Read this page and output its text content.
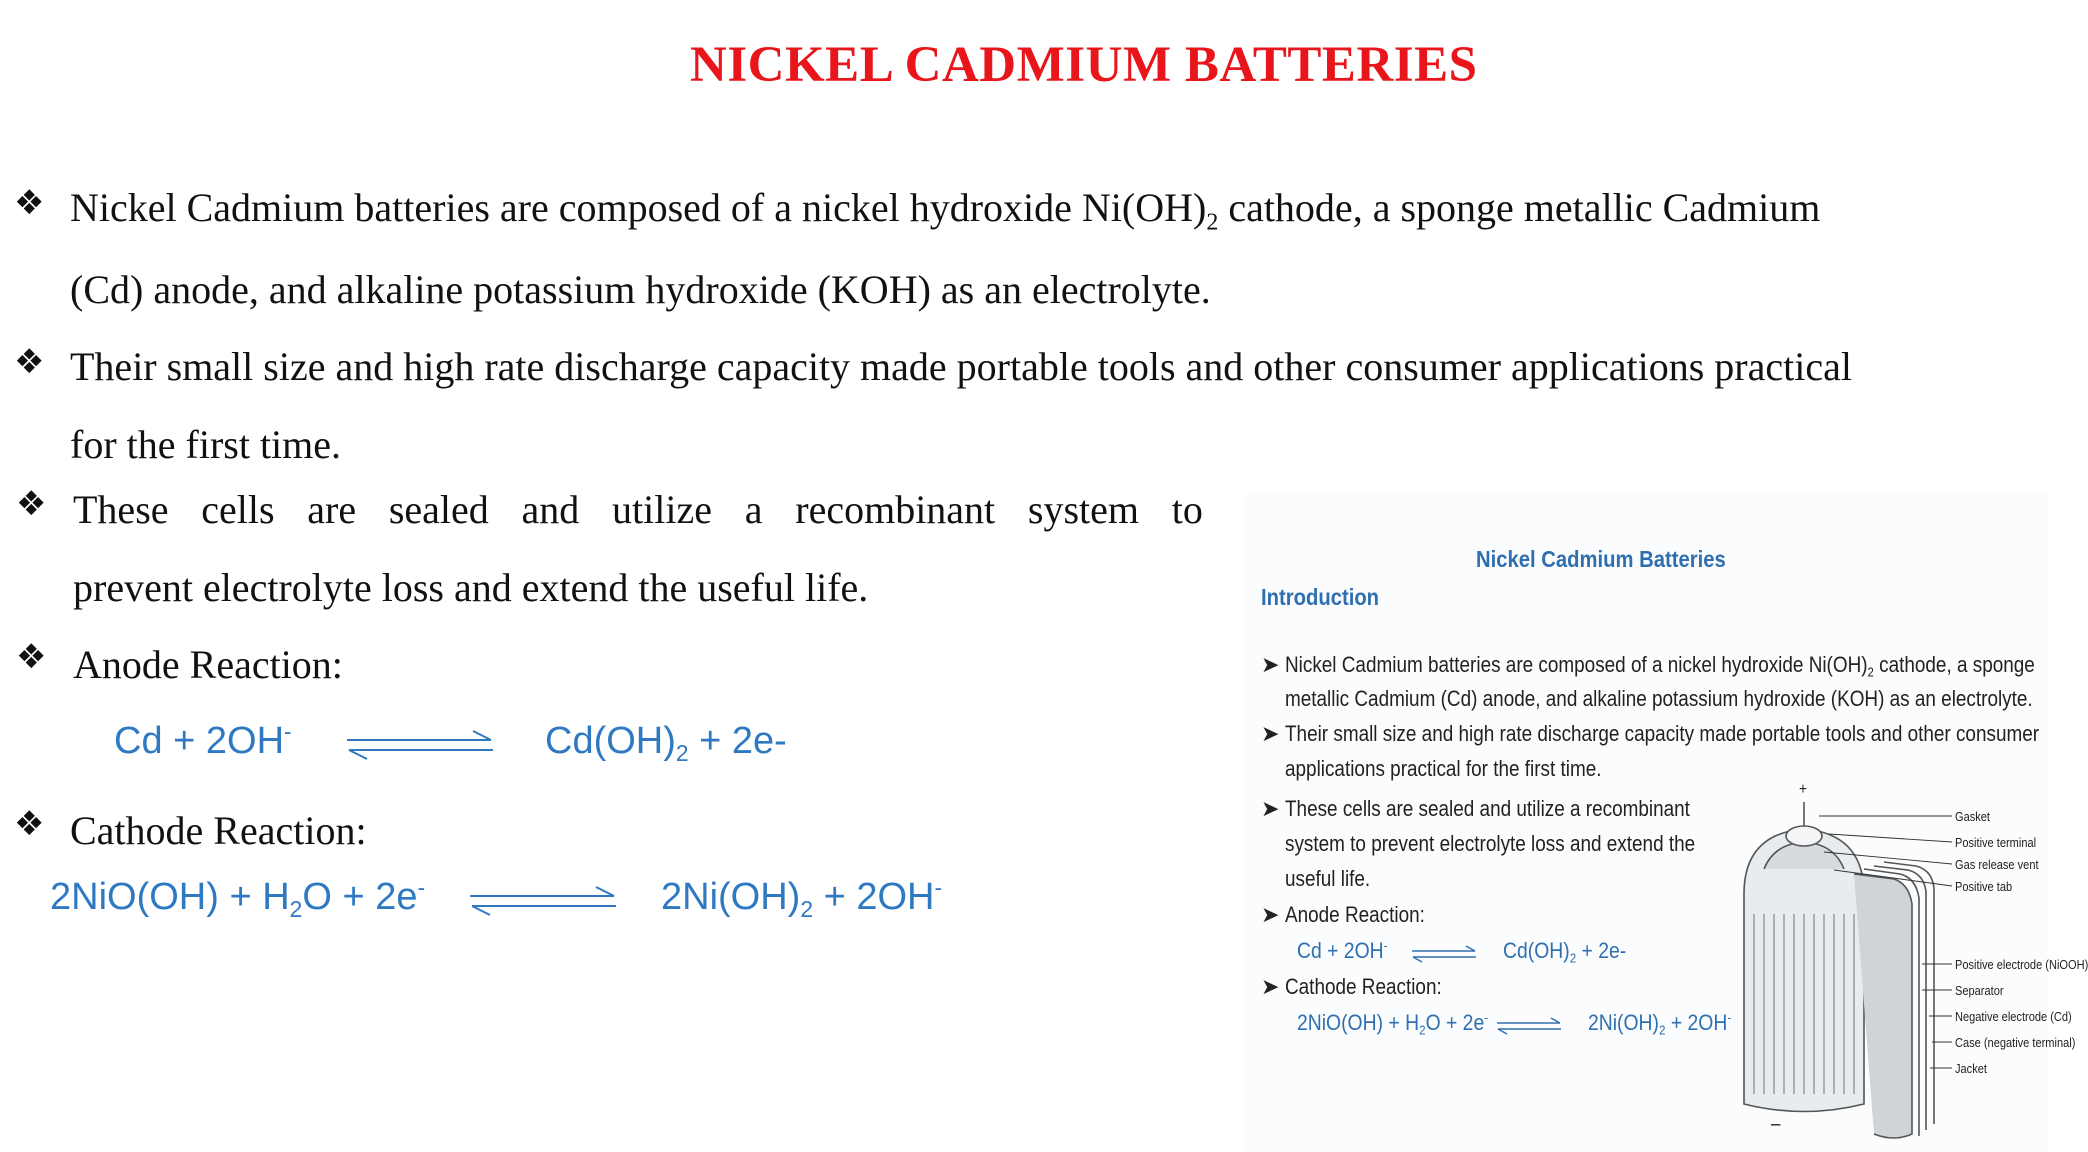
NICKEL CADMIUM BATTERIES
❖ Nickel Cadmium batteries are composed of a nickel hydroxide $Ni(OH)_2$ cathode, a sponge metallic Cadmium
(Cd) anode, and alkaline potassium hydroxide (KOH) as an electrolyte.
❖ Their small size and high rate discharge capacity made portable tools and other consumer applications practical
for the first time.
❖ These cells are sealed and utilize a recombinant system to
prevent electrolyte loss and extend the useful life.
❖ Anode Reaction:
Cd + 2OH-	$Cd(OH)_2 + 2e-$
❖ Cathode Reaction:
$2NiO(OH) + H_2O + 2e^-$	$2Ni(OH)_2 + 2OH^-$
Nickel Cadmium Batteries
Introduction
➤ Nickel Cadmium batteries are composed of a nickel hydroxide $Ni(OH)_2$ cathode, a sponge
metallic Cadmium (Cd) anode, and alkaline potassium hydroxide (KOH) as an electrolyte.
➤ Their small size and high rate discharge capacity made portable tools and other consumer
applications practical for the first time.
➤ These cells are sealed and utilize a recombinant
system to prevent electrolyte loss and extend the
useful life.
➤ Anode Reaction:
Cd + 2OH-	$Cd(OH)_2 + 2e-$
➤ Cathode Reaction:
$2NiO(OH) + H_2O + 2e^-$	$2Ni(OH)_2 + 2OH^-$
+
–
Gasket
Positive terminal
Gas release vent
Positive tab
Positive electrode (NiOOH)
Separator
Negative electrode (Cd)
Case (negative terminal)
Jacket
